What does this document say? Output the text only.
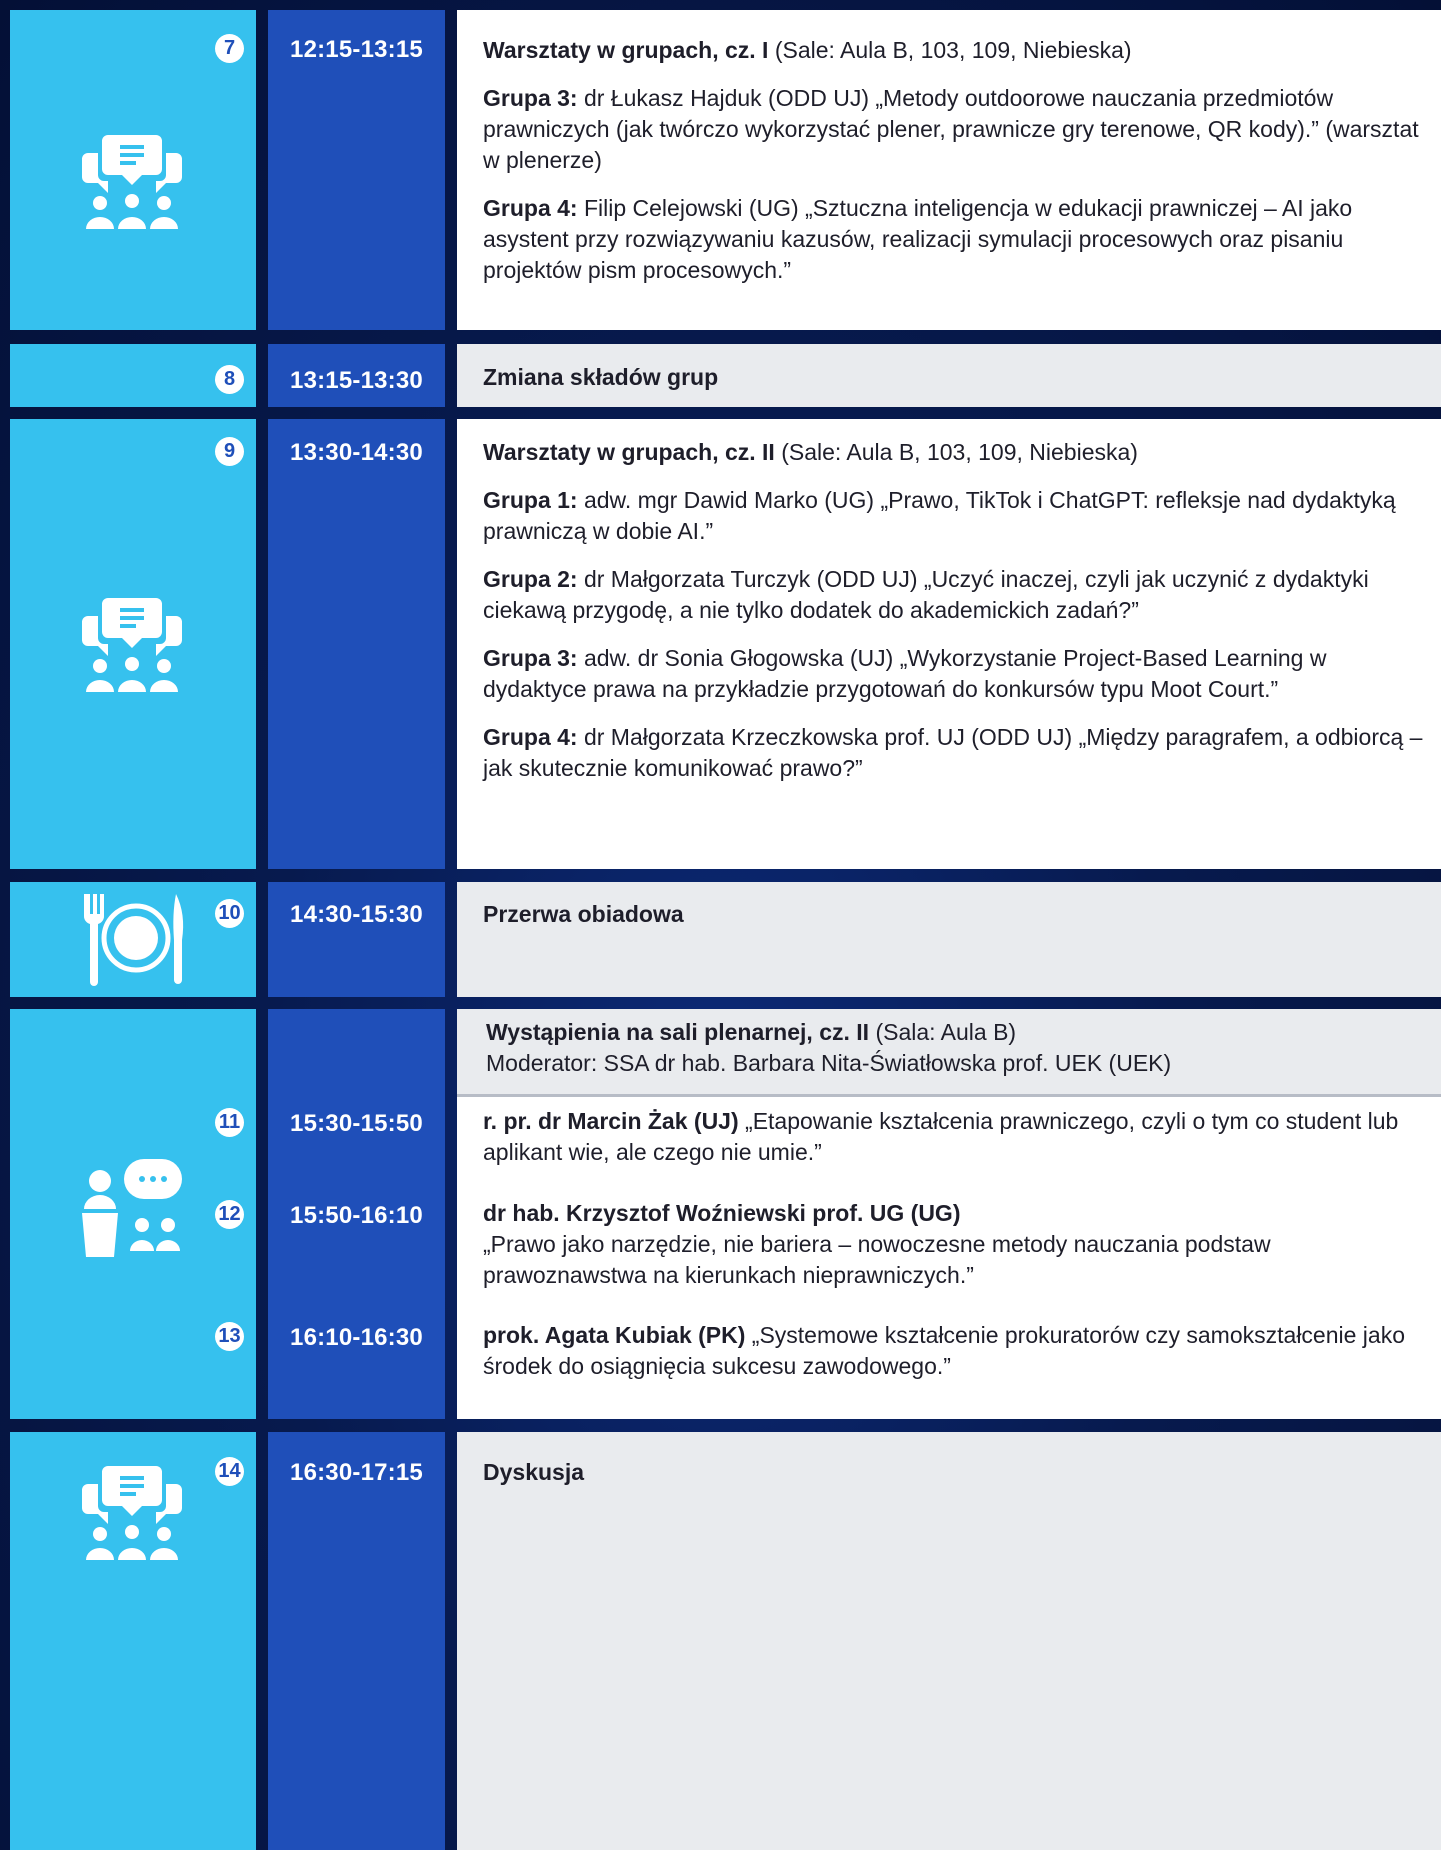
7	12:15-13:15	Warsztaty w grupach, cz. I (Sale: Aula B, 103, 109, Niebieska)

Grupa 3: dr Łukasz Hajduk (ODD UJ) „Metody outdoorowe nauczania przedmiotów prawniczych (jak twórczo wykorzystać plener, prawnicze gry terenowe, QR kody).” (warsztat w plenerze)

Grupa 4: Filip Celejowski (UG) „Sztuczna inteligencja w edukacji prawniczej – AI jako asystent przy rozwiązywaniu kazusów, realizacji symulacji procesowych oraz pisaniu projektów pism procesowych.”

8	13:15-13:30	Zmiana składów grup
9	13:30-14:30	Warsztaty w grupach, cz. II (Sale: Aula B, 103, 109, Niebieska)

Grupa 1: adw. mgr Dawid Marko (UG) „Prawo, TikTok i ChatGPT: refleksje nad dydaktyką prawniczą w dobie AI.”

Grupa 2: dr Małgorzata Turczyk (ODD UJ) „Uczyć inaczej, czyli jak uczynić z dydaktyki ciekawą przygodę, a nie tylko dodatek do akademickich zadań?”

Grupa 3: adw. dr Sonia Głogowska (UJ) „Wykorzystanie Project-Based Learning w dydaktyce prawa na przykładzie przygotowań do konkursów typu Moot Court.”

Grupa 4: dr Małgorzata Krzeczkowska prof. UJ (ODD UJ) „Między paragrafem, a odbiorcą – jak skutecznie komunikować prawo?”

10	14:30-15:30	Przerwa obiadowa
Wystąpienia na sali plenarnej, cz. II (Sala: Aula B)
Moderator: SSA dr hab. Barbara Nita-Światłowska prof. UEK (UEK)
11	15:30-15:50	r. pr. dr Marcin Żak (UJ) „Etapowanie kształcenia prawniczego, czyli o tym co student lub aplikant wie, ale czego nie umie.”
12	15:50-16:10	dr hab. Krzysztof Woźniewski prof. UG (UG)
„Prawo jako narzędzie, nie bariera – nowoczesne metody nauczania podstaw prawoznawstwa na kierunkach nieprawniczych.”
13	16:10-16:30	prok. Agata Kubiak (PK) „Systemowe kształcenie prokuratorów czy samokształcenie jako środek do osiągnięcia sukcesu zawodowego.”
14	16:30-17:15	Dyskusja
